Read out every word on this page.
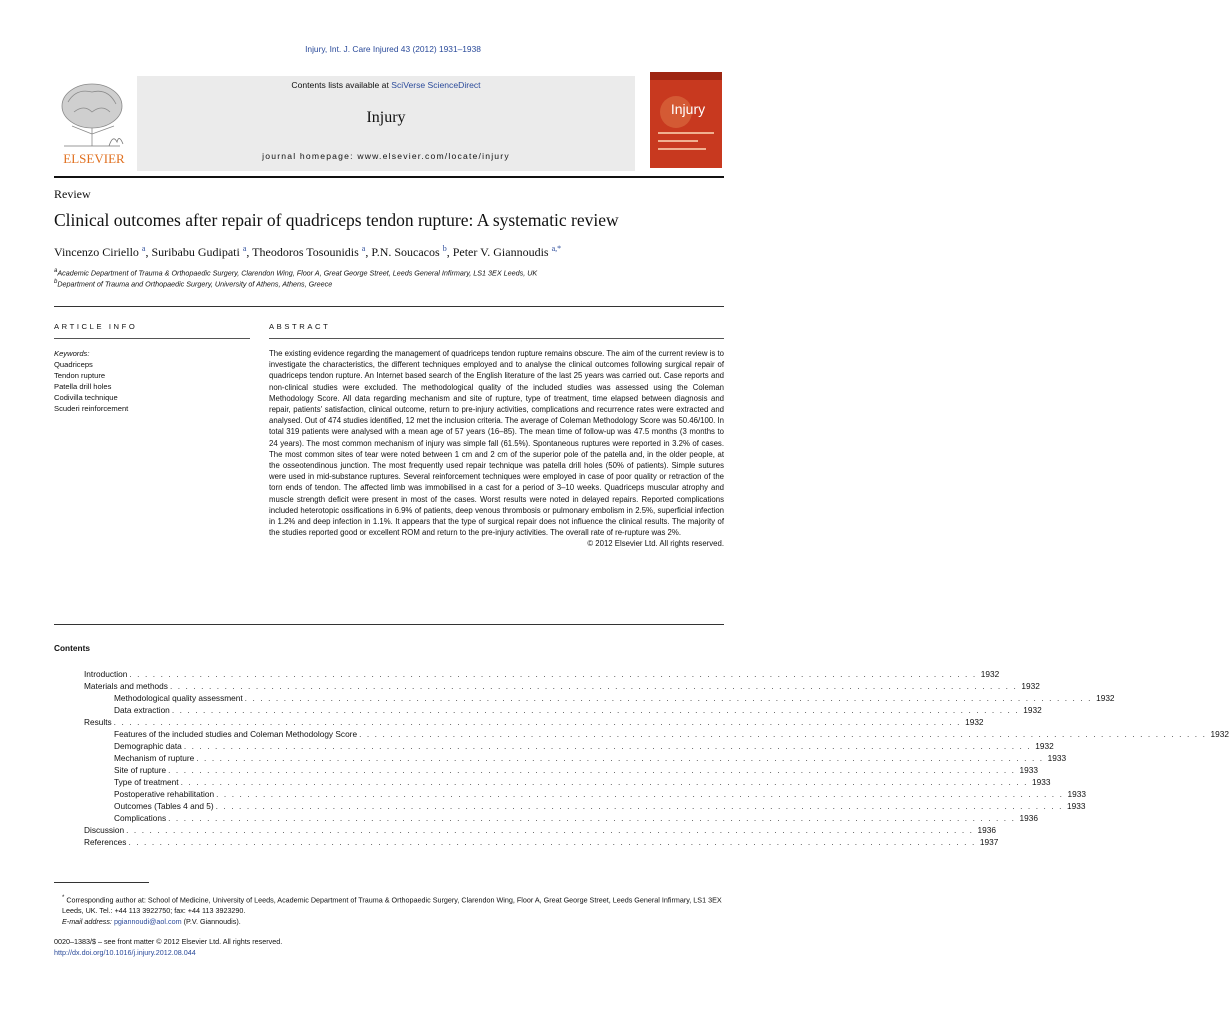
Injury, Int. J. Care Injured 43 (2012) 1931–1938
ELSEVIER
Contents lists available at SciVerse ScienceDirect
Injury
journal homepage: www.elsevier.com/locate/injury
Injury
Review
Clinical outcomes after repair of quadriceps tendon rupture: A systematic review
Vincenzo Ciriello $^a$, Suribabu Gudipati $^a$, Theodoros Tosounidis $^a$, P.N. Soucacos $^b$, Peter V. Giannoudis $^{a,*}$
$^a$Academic Department of Trauma & Orthopaedic Surgery, Clarendon Wing, Floor A, Great George Street, Leeds General Infirmary, LS1 3EX Leeds, UK
$^b$Department of Trauma and Orthopaedic Surgery, University of Athens, Athens, Greece
ARTICLE INFO	ABSTRACT
Keywords:
Quadriceps
Tendon rupture
Patella drill holes
Codivilla technique
Scuderi reinforcement
The existing evidence regarding the management of quadriceps tendon rupture remains obscure. The aim of the current review is to investigate the characteristics, the different techniques employed and to analyse the clinical outcomes following surgical repair of quadriceps tendon rupture. An Internet based search of the English literature of the last 25 years was carried out. Case reports and non-clinical studies were excluded. The methodological quality of the included studies was assessed using the Coleman Methodology Score. All data regarding mechanism and site of rupture, type of treatment, time elapsed between diagnosis and repair, patients' satisfaction, clinical outcome, return to pre-injury activities, complications and recurrence rates were extracted and analysed. Out of 474 studies identified, 12 met the inclusion criteria. The average of Coleman Methodology Score was 50.46/100. In total 319 patients were analysed with a mean age of 57 years (16–85). The mean time of follow-up was 47.5 months (3 months to 24 years). The most common mechanism of injury was simple fall (61.5%). Spontaneous ruptures were reported in 3.2% of cases. The most common sites of tear were noted between 1 cm and 2 cm of the superior pole of the patella and, in the older people, at the osseotendinous junction. The most frequently used repair technique was patella drill holes (50% of patients). Simple sutures were used in mid-substance ruptures. Several reinforcement techniques were employed in case of poor quality or retraction of the torn ends of tendon. The affected limb was immobilised in a cast for a period of 3–10 weeks. Quadriceps muscular atrophy and muscle strength deficit were present in most of the cases. Worst results were noted in delayed repairs. Reported complications included heterotopic ossifications in 6.9% of patients, deep venous thrombosis or pulmonary embolism in 2.5%, superficial infection in 1.2% and deep infection in 1.1%. It appears that the type of surgical repair does not influence the clinical results. The majority of the studies reported good or excellent ROM and return to the pre-injury activities. The overall rate of re-rupture was 2%.
© 2012 Elsevier Ltd. All rights reserved.
Contents
Introduction . . . . . . . . . . . . . . . . . . . . . . . . . . . . . . . . . . . . . . . . . . . . . . . . . . . . . . . . . . . . . . . . . . . . . . . . . . . . . . . . . . . . . . . . . . . . . . . . . . . . . . . . . . . . . 1932
Materials and methods . . . . . . . . . . . . . . . . . . . . . . . . . . . . . . . . . . . . . . . . . . . . . . . . . . . . . . . . . . . . . . . . . . . . . . . . . . . . . . . . . . . . . . . . . . . . . . . . . . . . . . . . . . . . . 1932
Methodological quality assessment . . . . . . . . . . . . . . . . . . . . . . . . . . . . . . . . . . . . . . . . . . . . . . . . . . . . . . . . . . . . . . . . . . . . . . . . . . . . . . . . . . . . . . . . . . . . . . . . . . . . . . . . . . . . . 1932
Data extraction . . . . . . . . . . . . . . . . . . . . . . . . . . . . . . . . . . . . . . . . . . . . . . . . . . . . . . . . . . . . . . . . . . . . . . . . . . . . . . . . . . . . . . . . . . . . . . . . . . . . . . . . . . . . . 1932
Results . . . . . . . . . . . . . . . . . . . . . . . . . . . . . . . . . . . . . . . . . . . . . . . . . . . . . . . . . . . . . . . . . . . . . . . . . . . . . . . . . . . . . . . . . . . . . . . . . . . . . . . . . . . . . 1932
Features of the included studies and Coleman Methodology Score . . . . . . . . . . . . . . . . . . . . . . . . . . . . . . . . . . . . . . . . . . . . . . . . . . . . . . . . . . . . . . . . . . . . . . . . . . . . . . . . . . . . . . . . . . . . . . . . . . . . . . . . . . . . . 1932
Demographic data . . . . . . . . . . . . . . . . . . . . . . . . . . . . . . . . . . . . . . . . . . . . . . . . . . . . . . . . . . . . . . . . . . . . . . . . . . . . . . . . . . . . . . . . . . . . . . . . . . . . . . . . . . . . . 1932
Mechanism of rupture . . . . . . . . . . . . . . . . . . . . . . . . . . . . . . . . . . . . . . . . . . . . . . . . . . . . . . . . . . . . . . . . . . . . . . . . . . . . . . . . . . . . . . . . . . . . . . . . . . . . . . . . . . . . . 1933
Site of rupture . . . . . . . . . . . . . . . . . . . . . . . . . . . . . . . . . . . . . . . . . . . . . . . . . . . . . . . . . . . . . . . . . . . . . . . . . . . . . . . . . . . . . . . . . . . . . . . . . . . . . . . . . . . . . 1933
Type of treatment . . . . . . . . . . . . . . . . . . . . . . . . . . . . . . . . . . . . . . . . . . . . . . . . . . . . . . . . . . . . . . . . . . . . . . . . . . . . . . . . . . . . . . . . . . . . . . . . . . . . . . . . . . . . . 1933
Postoperative rehabilitation . . . . . . . . . . . . . . . . . . . . . . . . . . . . . . . . . . . . . . . . . . . . . . . . . . . . . . . . . . . . . . . . . . . . . . . . . . . . . . . . . . . . . . . . . . . . . . . . . . . . . . . . . . . . . 1933
Outcomes (Tables 4 and 5) . . . . . . . . . . . . . . . . . . . . . . . . . . . . . . . . . . . . . . . . . . . . . . . . . . . . . . . . . . . . . . . . . . . . . . . . . . . . . . . . . . . . . . . . . . . . . . . . . . . . . . . . . . . . . 1933
Complications . . . . . . . . . . . . . . . . . . . . . . . . . . . . . . . . . . . . . . . . . . . . . . . . . . . . . . . . . . . . . . . . . . . . . . . . . . . . . . . . . . . . . . . . . . . . . . . . . . . . . . . . . . . . . 1936
Discussion . . . . . . . . . . . . . . . . . . . . . . . . . . . . . . . . . . . . . . . . . . . . . . . . . . . . . . . . . . . . . . . . . . . . . . . . . . . . . . . . . . . . . . . . . . . . . . . . . . . . . . . . . . . . . 1936
References . . . . . . . . . . . . . . . . . . . . . . . . . . . . . . . . . . . . . . . . . . . . . . . . . . . . . . . . . . . . . . . . . . . . . . . . . . . . . . . . . . . . . . . . . . . . . . . . . . . . . . . . . . . . . 1937
* Corresponding author at: School of Medicine, University of Leeds, Academic Department of Trauma & Orthopaedic Surgery, Clarendon Wing, Floor A, Great George Street, Leeds General Infirmary, LS1 3EX Leeds, UK. Tel.: +44 113 3922750; fax: +44 113 3923290.
E-mail address: pgiannoudi@aol.com (P.V. Giannoudis).
0020–1383/$ – see front matter © 2012 Elsevier Ltd. All rights reserved.
http://dx.doi.org/10.1016/j.injury.2012.08.044
